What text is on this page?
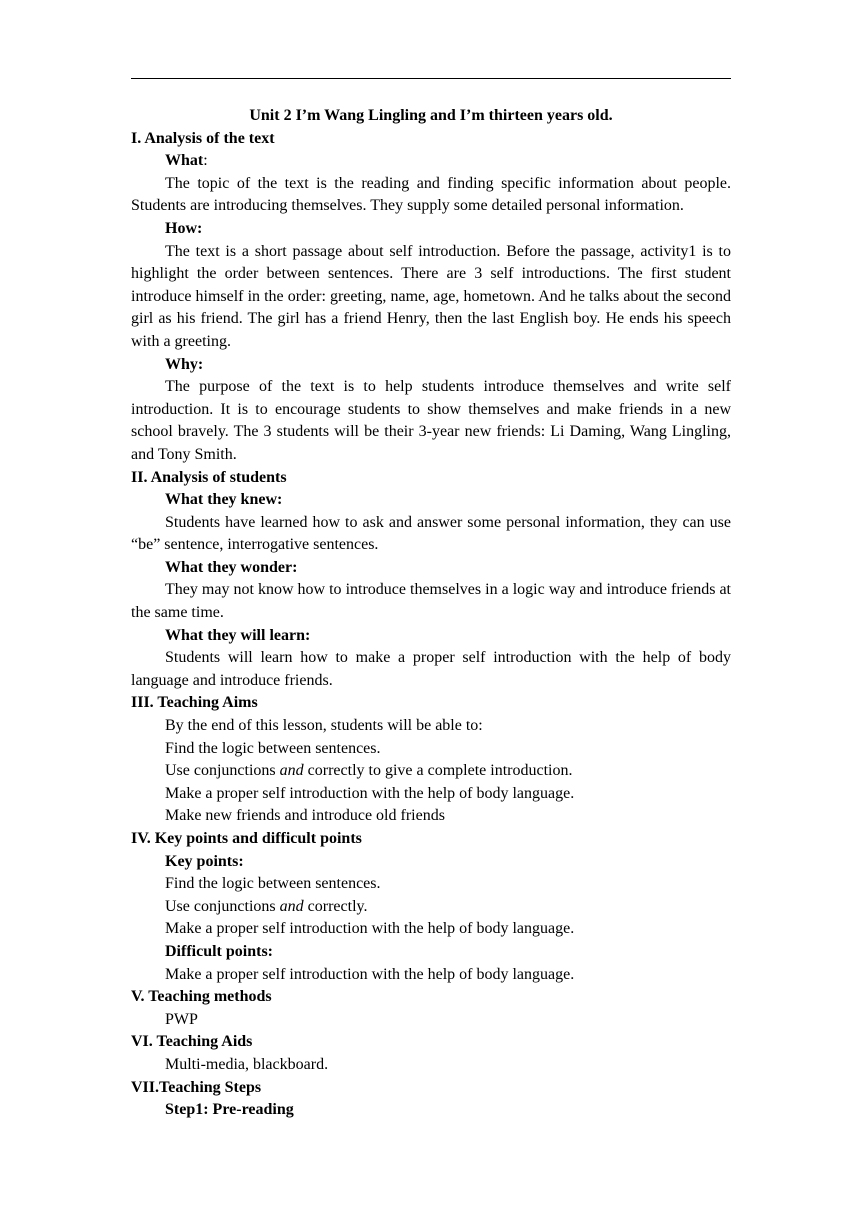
Unit 2 I’m Wang Lingling and I’m thirteen years old.
I. Analysis of the text
What:

The topic of the text is the reading and finding specific information about people. Students are introducing themselves. They supply some detailed personal information.

How:

The text is a short passage about self introduction. Before the passage, activity1 is to highlight the order between sentences. There are 3 self introductions. The first student introduce himself in the order: greeting, name, age, hometown. And he talks about the second girl as his friend. The girl has a friend Henry, then the last English boy. He ends his speech with a greeting.

Why:

The purpose of the text is to help students introduce themselves and write self introduction. It is to encourage students to show themselves and make friends in a new school bravely. The 3 students will be their 3-year new friends: Li Daming, Wang Lingling, and Tony Smith.

II. Analysis of students
What they knew:

Students have learned how to ask and answer some personal information, they can use “be” sentence, interrogative sentences.

What they wonder:

They may not know how to introduce themselves in a logic way and introduce friends at the same time.

What they will learn:

Students will learn how to make a proper self introduction with the help of body language and introduce friends.

III. Teaching Aims
By the end of this lesson, students will be able to:
Find the logic between sentences.
Use conjunctions and correctly to give a complete introduction.
Make a proper self introduction with the help of body language.
Make new friends and introduce old friends
IV. Key points and difficult points
Key points:
Find the logic between sentences.
Use conjunctions and correctly.
Make a proper self introduction with the help of body language.
Difficult points:
Make a proper self introduction with the help of body language.
V. Teaching methods
PWP
VI. Teaching Aids
Multi-media, blackboard.
VII.Teaching Steps
Step1: Pre-reading
